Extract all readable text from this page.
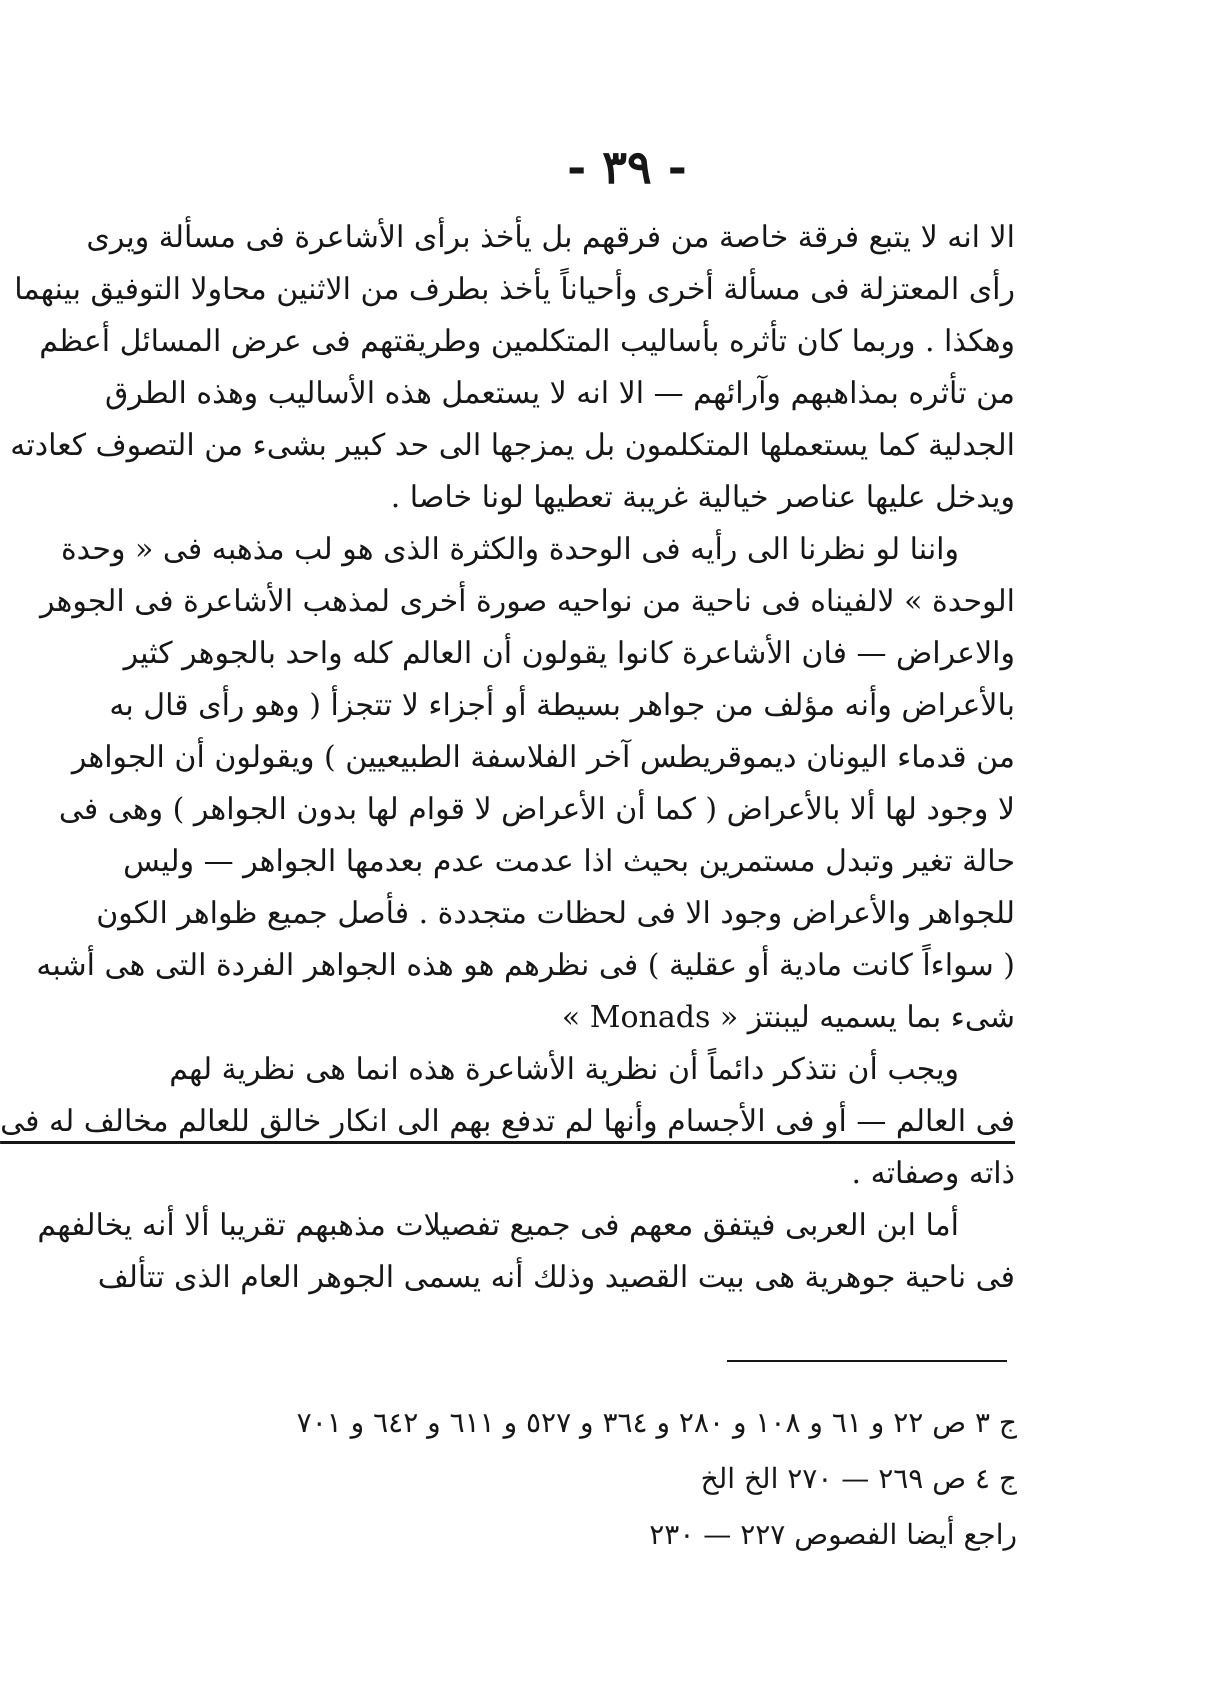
- ٣٩ -

الا انه لا يتبع فرقة خاصة من فرقهم بل يأخذ برأى الأشاعرة فى مسألة ويرى
رأى المعتزلة فى مسألة أخرى وأحياناً يأخذ بطرف من الاثنين محاولا التوفيق بينهما
وهكذا . وربما كان تأثره بأساليب المتكلمين وطريقتهم فى عرض المسائل أعظم
من تأثره بمذاهبهم وآرائهم — الا انه لا يستعمل هذه الأساليب وهذه الطرق
الجدلية كما يستعملها المتكلمون بل يمزجها الى حد كبير بشىء من التصوف كعادته
ويدخل عليها عناصر خيالية غريبة تعطيها لونا خاصا .

واننا لو نظرنا الى رأيه فى الوحدة والكثرة الذى هو لب مذهبه فى « وحدة
الوحدة » لالفيناه فى ناحية من نواحيه صورة أخرى لمذهب الأشاعرة فى الجوهر
والاعراض — فان الأشاعرة كانوا يقولون أن العالم كله واحد بالجوهر كثير
بالأعراض وأنه مؤلف من جواهر بسيطة أو أجزاء لا تتجزأ ( وهو رأى قال به
من قدماء اليونان ديموقريطس آخر الفلاسفة الطبيعيين ) ويقولون أن الجواهر
لا وجود لها ألا بالأعراض ( كما أن الأعراض لا قوام لها بدون الجواهر ) وهى فى
حالة تغير وتبدل مستمرين بحيث اذا عدمت عدم بعدمها الجواهر — وليس
للجواهر والأعراض وجود الا فى لحظات متجددة . فأصل جميع ظواهر الكون
( سواءاً كانت مادية أو عقلية ) فى نظرهم هو هذه الجواهر الفردة التى هى أشبه
شىء بما يسميه ليبنتز « Monads »

ويجب أن نتذكر دائماً أن نظرية الأشاعرة هذه انما هى نظرية لهم
فى العالم — أو فى الأجسام وأنها لم تدفع بهم الى انكار خالق للعالم مخالف له فى
ذاته وصفاته .

أما ابن العربى فيتفق معهم فى جميع تفصيلات مذهبهم تقريبا ألا أنه يخالفهم
فى ناحية جوهرية هى بيت القصيد وذلك أنه يسمى الجوهر العام الذى تتألف

ج ٣ ص ٢٢ و ٦١ و ١٠٨ و ٢٨٠ و ٣٦٤ و ٥٢٧ و ٦١١ و ٦٤٢ و ٧٠١
ج ٤ ص ٢٦٩ — ٢٧٠ الخ الخ
راجع أيضا الفصوص ٢٢٧ — ٢٣٠
